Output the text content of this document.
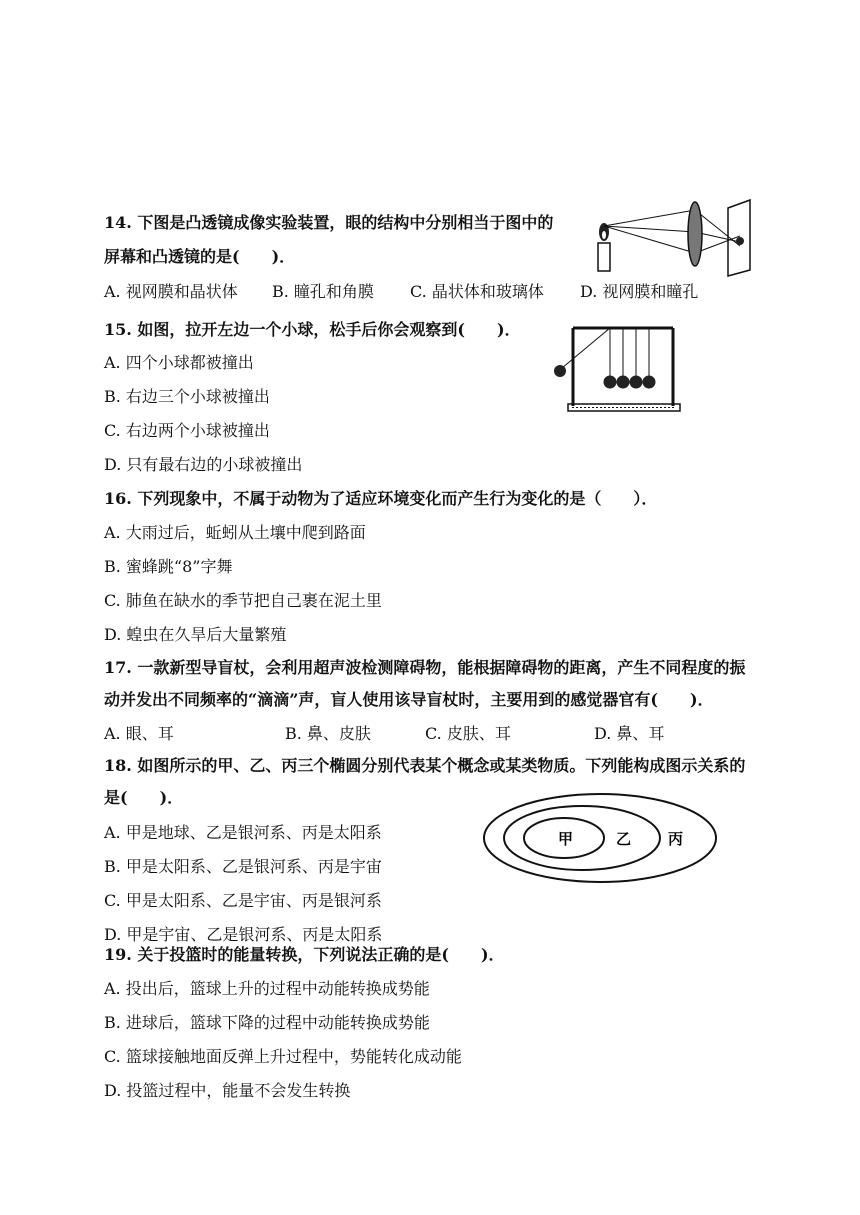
14. 下图是凸透镜成像实验装置，眼的结构中分别相当于图中的
屏幕和凸透镜的是(　　)．
A. 视网膜和晶状体 B. 瞳孔和角膜 C. 晶状体和玻璃体 D. 视网膜和瞳孔
15. 如图，拉开左边一个小球，松手后你会观察到(　　)．
A. 四个小球都被撞出
B. 右边三个小球被撞出
C. 右边两个小球被撞出
D. 只有最右边的小球被撞出
16. 下列现象中，不属于动物为了适应环境变化而产生行为变化的是（　　）．
A. 大雨过后，蚯蚓从土壤中爬到路面
B. 蜜蜂跳“8”字舞
C. 肺鱼在缺水的季节把自己裹在泥土里
D. 蝗虫在久旱后大量繁殖
17. 一款新型导盲杖，会利用超声波检测障碍物，能根据障碍物的距离，产生不同程度的振
动并发出不同频率的“滴滴”声，盲人使用该导盲杖时，主要用到的感觉器官有(　　)．
A. 眼、耳	B. 鼻、皮肤	C. 皮肤、耳	D. 鼻、耳
18. 如图所示的甲、乙、丙三个椭圆分别代表某个概念或某类物质。下列能构成图示关系的
是(　　)．
A. 甲是地球、乙是银河系、丙是太阳系
B. 甲是太阳系、乙是银河系、丙是宇宙
C. 甲是太阳系、乙是宇宙、丙是银河系
D. 甲是宇宙、乙是银河系、丙是太阳系
甲	乙 丙
19. 关于投篮时的能量转换，下列说法正确的是(　　)．
A. 投出后，篮球上升的过程中动能转换成势能
B. 进球后，篮球下降的过程中动能转换成势能
C. 篮球接触地面反弹上升过程中，势能转化成动能
D. 投篮过程中，能量不会发生转换
